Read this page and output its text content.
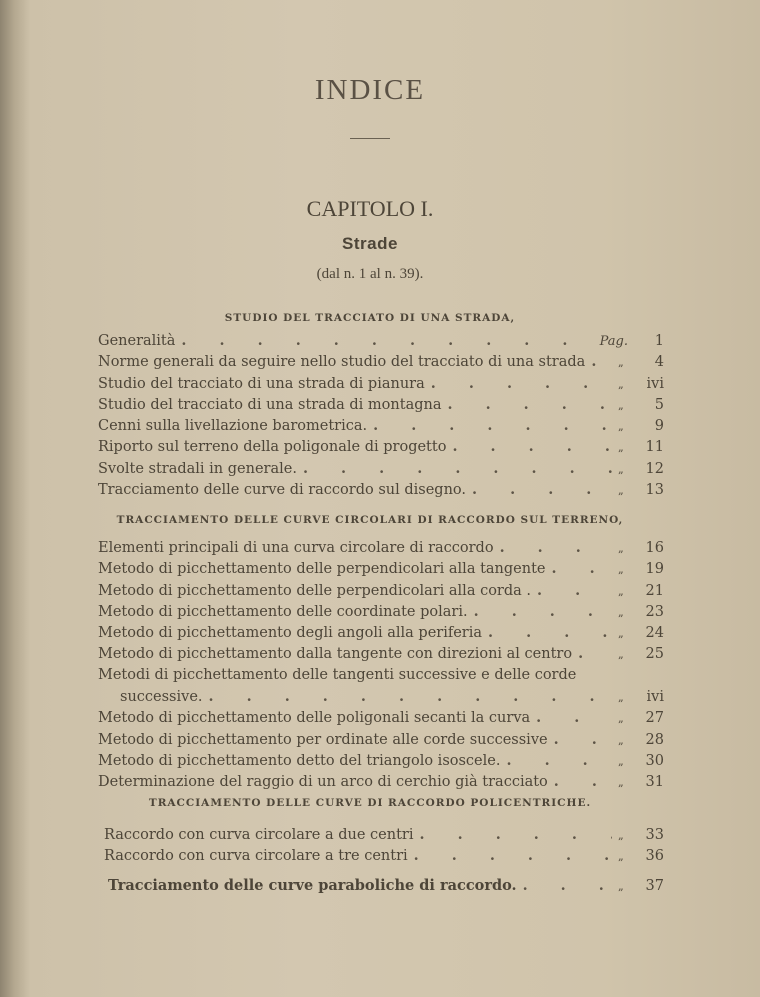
INDICE
CAPITOLO I.
Strade
(dal n. 1 al n. 39).
STUDIO DEL TRACCIATO DI UNA STRADA,
Generalità . . .	Pag.	1
Norme generali da seguire nello studio del tracciato di una strada . . .	„	4
Studio del tracciato di una strada di pianura . . .	„	ivi
Studio del tracciato di una strada di montagna . . .	„	5
Cenni sulla livellazione barometrica. . . .	„	9
Riporto sul terreno della poligonale di progetto . . .	„	11
Svolte stradali in generale. . . .	„	12
Tracciamento delle curve di raccordo sul disegno. . . .	„	13
TRACCIAMENTO DELLE CURVE CIRCOLARI DI RACCORDO SUL TERRENO,
Elementi principali di una curva circolare di raccordo . . .	„	16
Metodo di picchettamento delle perpendicolari alla tangente . . .	„	19
Metodo di picchettamento delle perpendicolari alla corda . . . .	„	21
Metodo di picchettamento delle coordinate polari. . . .	„	23
Metodo di picchettamento degli angoli alla periferia . . .	„	24
Metodo di picchettamento dalla tangente con direzioni al centro . . .	„	25
Metodi di picchettamento delle tangenti successive e delle corde
successive. . . .	„	ivi
Metodo di picchettamento delle poligonali secanti la curva . . .	„	27
Metodo di picchettamento per ordinate alle corde successive . . .	„	28
Metodo di picchettamento detto del triangolo isoscele. . . .	„	30
Determinazione del raggio di un arco di cerchio già tracciato . . .	„	31
TRACCIAMENTO DELLE CURVE DI RACCORDO POLICENTRICHE.
Raccordo con curva circolare a due centri . . .	„	33
Raccordo con curva circolare a tre centri . . .	„	36
Tracciamento delle curve paraboliche di raccordo. . . .	„	37
